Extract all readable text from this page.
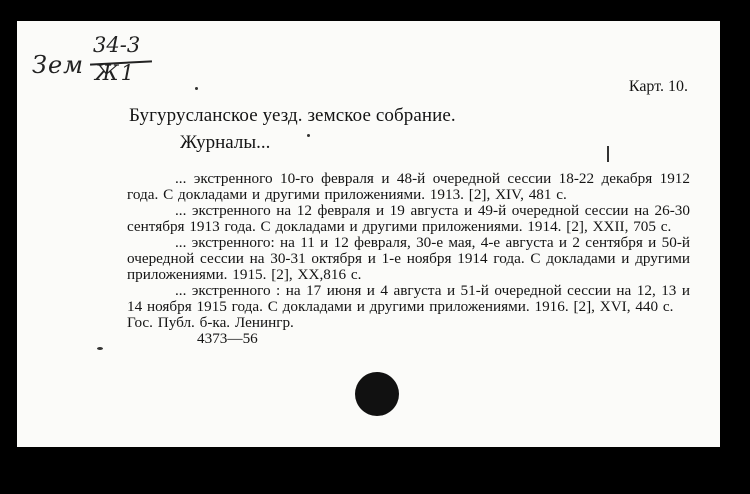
Зем
34-3
Ж1
Карт. 10.
Бугурусланское уезд. земское собрание.
Журналы...

... экстренного 10-го февраля и 48-й очередной сессии 18-22 декабря 1912 года. С докладами и другими приложениями. 1913. [2], XIV, 481 с.

... экстренного на 12 февраля и 19 августа и 49-й очередной сессии на 26-30 сентября 1913 года. С докладами и другими приложениями. 1914. [2], XXII, 705 с.

... экстренного: на 11 и 12 февраля, 30-е мая, 4-е августа и 2 сентября и 50-й очередной сессии на 30-31 октября и 1-е ноября 1914 года. С докладами и другими приложениями. 1915. [2], XX,816 с.

... экстренного : на 17 июня и 4 августа и 51-й очередной сессии на 12, 13 и 14 ноября 1915 года. С докладами и другими приложениями. 1916. [2], XVI, 440 с.

Гос. Публ. б-ка. Ленингр.

4373—56
